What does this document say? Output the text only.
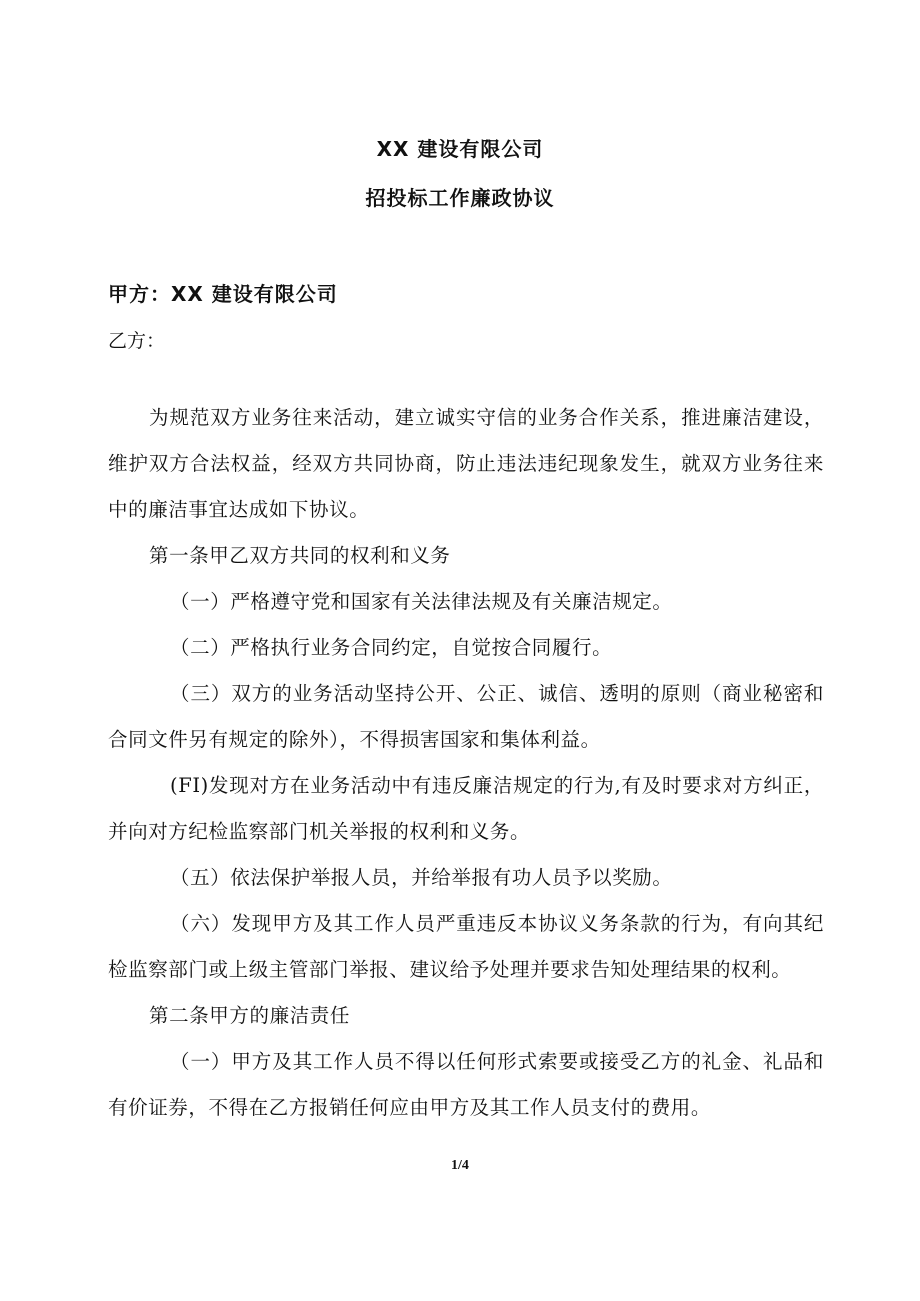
XX 建设有限公司
招投标工作廉政协议
甲方：XX 建设有限公司
乙方：

为规范双方业务往来活动，建立诚实守信的业务合作关系，推进廉洁建设，维护双方合法权益，经双方共同协商，防止违法违纪现象发生，就双方业务往来中的廉洁事宜达成如下协议。

第一条甲乙双方共同的权利和义务

（一）严格遵守党和国家有关法律法规及有关廉洁规定。

（二）严格执行业务合同约定，自觉按合同履行。

（三）双方的业务活动坚持公开、公正、诚信、透明的原则（商业秘密和合同文件另有规定的除外），不得损害国家和集体利益。

(FI)发现对方在业务活动中有违反廉洁规定的行为,有及时要求对方纠正，并向对方纪检监察部门机关举报的权利和义务。

（五）依法保护举报人员，并给举报有功人员予以奖励。

（六）发现甲方及其工作人员严重违反本协议义务条款的行为，有向其纪检监察部门或上级主管部门举报、建议给予处理并要求告知处理结果的权利。

第二条甲方的廉洁责任

（一）甲方及其工作人员不得以任何形式索要或接受乙方的礼金、礼品和有价证券，不得在乙方报销任何应由甲方及其工作人员支付的费用。

1/4
